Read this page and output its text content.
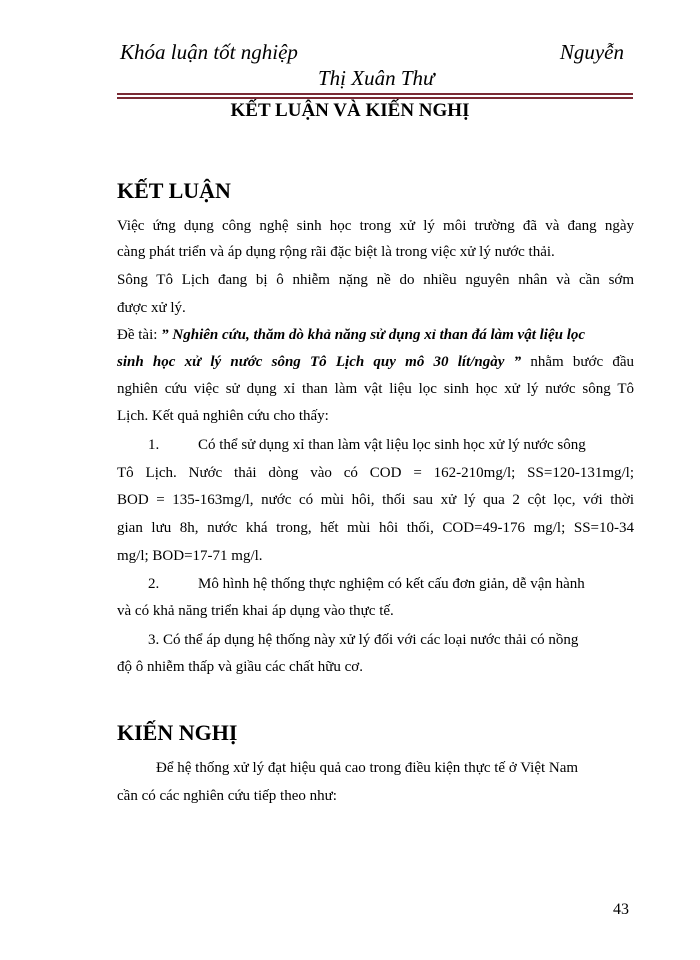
Khóa luận tốt nghiệp	Nguyễn
Thị Xuân Thư
KẾT LUẬN VÀ KIẾN NGHỊ
KẾT LUẬN
Việc ứng dụng công nghệ sinh học trong xử lý môi trường đã và đang ngày
càng phát triển và áp dụng rộng rãi đặc biệt là trong việc xử lý nước thải.
Sông Tô Lịch đang bị ô nhiễm nặng nề do nhiều nguyên nhân và cần sớm
được xử lý.
Đề tài: ” Nghiên cứu, thăm dò khả năng sử dụng xỉ than đá làm vật liệu lọc
sinh học xử lý nước sông Tô Lịch quy mô 30 lít/ngày ” nhằm bước đầu
nghiên cứu việc sử dụng xỉ than làm vật liệu lọc sinh học xử lý nước sông Tô
Lịch. Kết quả nghiên cứu cho thấy:
1.	Có thể sử dụng xỉ than làm vật liệu lọc sinh học xử lý nước sông
Tô Lịch. Nước thải dòng vào có COD = 162-210mg/l; SS=120-131mg/l;
BOD = 135-163mg/l, nước có mùi hôi, thối sau xử lý qua 2 cột lọc, với thời
gian lưu 8h, nước khá trong, hết mùi hôi thối, COD=49-176 mg/l; SS=10-34
mg/l; BOD=17-71 mg/l.
2.	Mô hình hệ thống thực nghiệm có kết cấu đơn giản, dễ vận hành
và có khả năng triển khai áp dụng vào thực tế.
3. Có thể áp dụng hệ thống này xử lý đối với các loại nước thải có nồng
độ ô nhiễm thấp và giầu các chất hữu cơ.
KIẾN NGHỊ
Để hệ thống xử lý đạt hiệu quả cao trong điều kiện thực tế ở Việt Nam
cần có các nghiên cứu tiếp theo như:
43
